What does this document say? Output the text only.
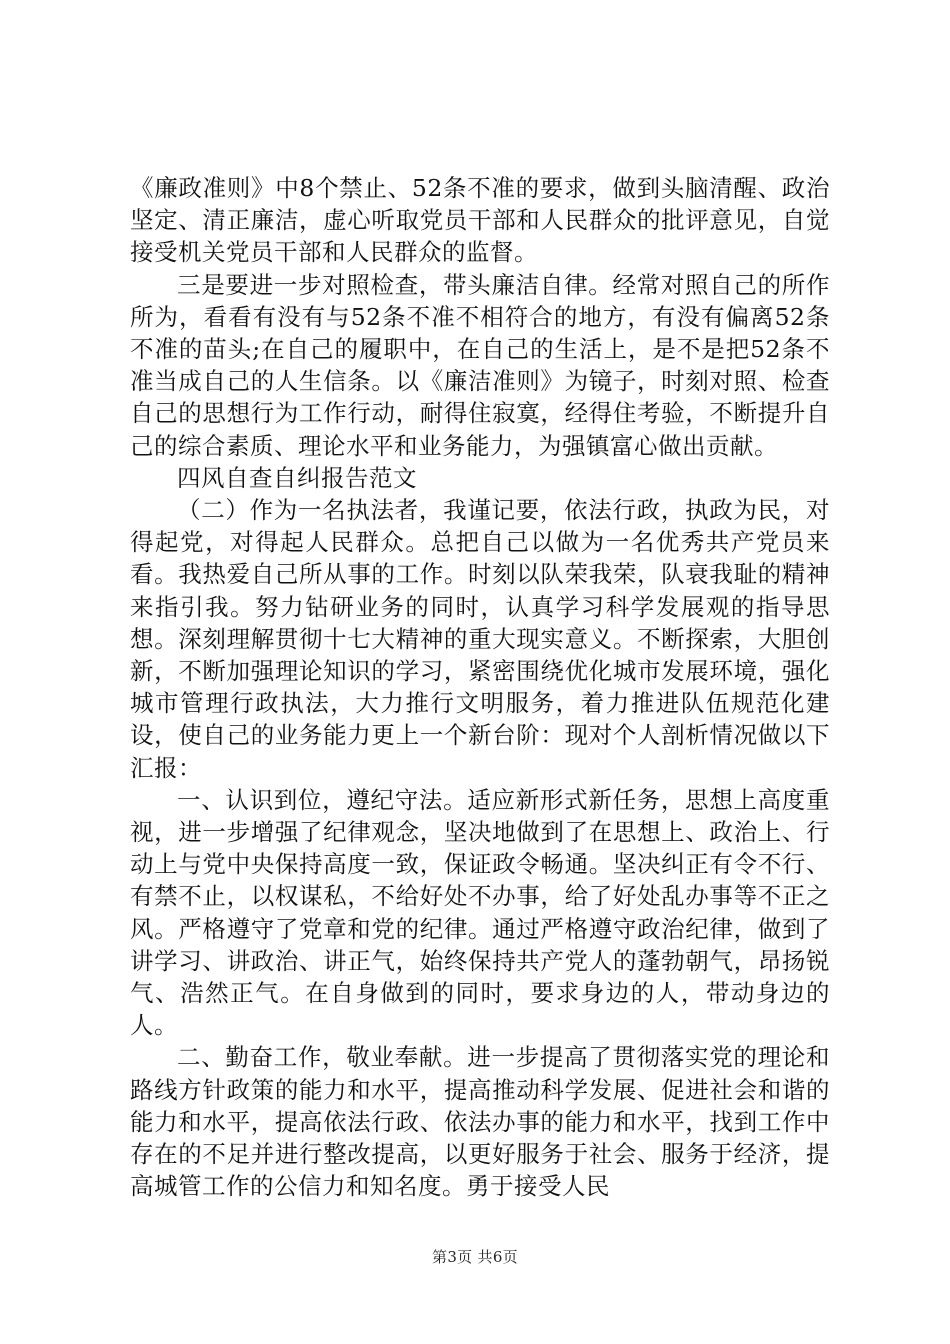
《廉政准则》中8个禁止、52条不准的要求，做到头脑清醒、政治坚定、清正廉洁，虚心听取党员干部和人民群众的批评意见，自觉接受机关党员干部和人民群众的监督。

三是要进一步对照检查，带头廉洁自律。经常对照自己的所作所为，看看有没有与52条不准不相符合的地方，有没有偏离52条不准的苗头;在自己的履职中，在自己的生活上，是不是把52条不准当成自己的人生信条。以《廉洁准则》为镜子，时刻对照、检查自己的思想行为工作行动，耐得住寂寞，经得住考验，不断提升自己的综合素质、理论水平和业务能力，为强镇富心做出贡献。

四风自查自纠报告范文

（二）作为一名执法者，我谨记要，依法行政，执政为民，对得起党，对得起人民群众。总把自己以做为一名优秀共产党员来看。我热爱自己所从事的工作。时刻以队荣我荣，队衰我耻的精神来指引我。努力钻研业务的同时，认真学习科学发展观的指导思想。深刻理解贯彻十七大精神的重大现实意义。不断探索，大胆创新，不断加强理论知识的学习，紧密围绕优化城市发展环境，强化城市管理行政执法，大力推行文明服务，着力推进队伍规范化建设，使自己的业务能力更上一个新台阶：现对个人剖析情况做以下汇报：

一、认识到位，遵纪守法。适应新形式新任务，思想上高度重视，进一步增强了纪律观念，坚决地做到了在思想上、政治上、行动上与党中央保持高度一致，保证政令畅通。坚决纠正有令不行、有禁不止，以权谋私，不给好处不办事，给了好处乱办事等不正之风。严格遵守了党章和党的纪律。通过严格遵守政治纪律，做到了讲学习、讲政治、讲正气，始终保持共产党人的蓬勃朝气，昂扬锐气、浩然正气。在自身做到的同时，要求身边的人，带动身边的人。

二、勤奋工作，敬业奉献。进一步提高了贯彻落实党的理论和路线方针政策的能力和水平，提高推动科学发展、促进社会和谐的能力和水平，提高依法行政、依法办事的能力和水平，找到工作中存在的不足并进行整改提高，以更好服务于社会、服务于经济，提高城管工作的公信力和知名度。勇于接受人民

第3页 共6页
